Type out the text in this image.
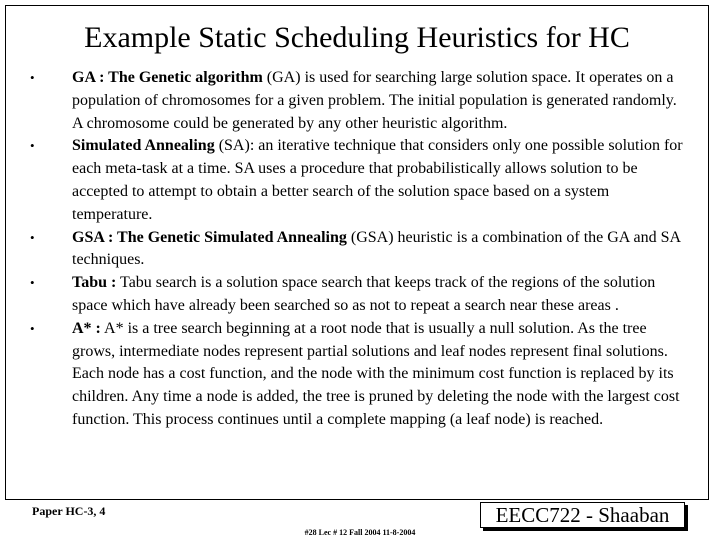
Example Static Scheduling Heuristics for HC
• GA : The Genetic algorithm (GA) is used for searching large solution space. It operates on a population of chromosomes for a given problem. The initial population is generated randomly. A chromosome could be generated by any other heuristic algorithm.
• Simulated Annealing (SA): an iterative technique that considers only one possible solution for each meta-task at a time. SA uses a procedure that probabilistically allows solution to be accepted to attempt to obtain a better search of the solution space based on a system temperature.
• GSA : The Genetic Simulated Annealing (GSA) heuristic is a combination of the GA and SA techniques.
• Tabu : Tabu search is a solution space search that keeps track of the regions of the solution space which have already been searched so as not to repeat a search near these areas .
• A* : A* is a tree search beginning at a root node that is usually a null solution. As the tree grows, intermediate nodes represent partial solutions and leaf nodes represent final solutions. Each node has a cost function, and the node with the minimum cost function is replaced by its children. Any time a node is added, the tree is pruned by deleting the node with the largest cost function. This process continues until a complete mapping (a leaf node) is reached.
Paper HC-3, 4	EECC722 - Shaaban
#28 Lec # 12 Fall 2004 11-8-2004
